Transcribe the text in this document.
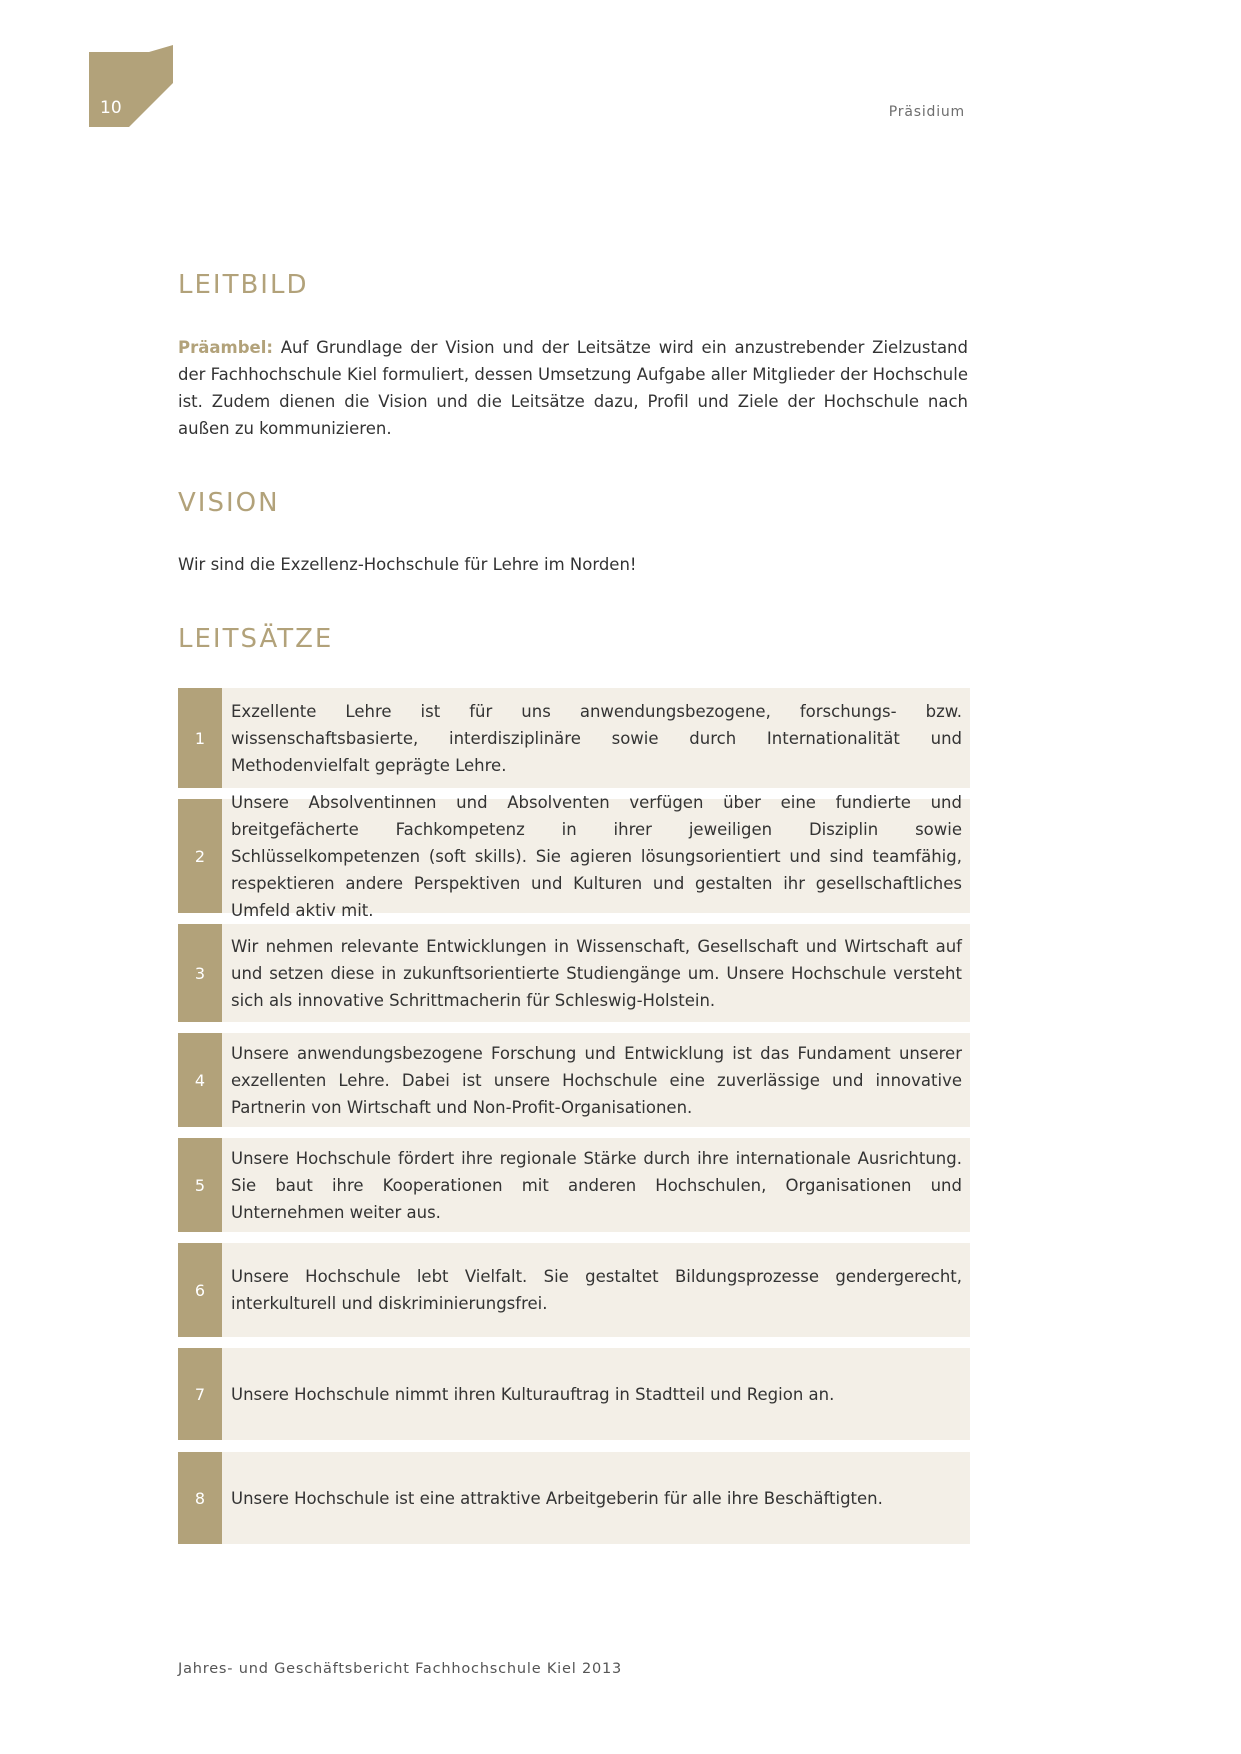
10	Präsidium
LEITBILD

Präambel: Auf Grundlage der Vision und der Leitsätze wird ein anzustrebender Zielzustand der Fachhochschule Kiel formuliert, dessen Umsetzung Aufgabe aller Mitglieder der Hochschule ist. Zudem dienen die Vision und die Leitsätze dazu, Profil und Ziele der Hochschule nach außen zu kommunizieren.

VISION

Wir sind die Exzellenz-Hochschule für Lehre im Norden!

LEITSÄTZE
1
Exzellente Lehre ist für uns anwendungsbezogene, forschungs- bzw. wissenschaftsbasierte, interdisziplinäre sowie durch Internationalität und Methodenvielfalt geprägte Lehre.
2
Unsere Absolventinnen und Absolventen verfügen über eine fundierte und breitgefächerte Fachkompetenz in ihrer jeweiligen Disziplin sowie Schlüsselkompetenzen (soft skills). Sie agieren lösungsorientiert und sind teamfähig, respektieren andere Perspektiven und Kulturen und gestalten ihr gesellschaftliches Umfeld aktiv mit.
3
Wir nehmen relevante Entwicklungen in Wissenschaft, Gesellschaft und Wirtschaft auf und setzen diese in zukunftsorientierte Studiengänge um. Unsere Hochschule versteht sich als innovative Schrittmacherin für Schleswig-Holstein.
4
Unsere anwendungsbezogene Forschung und Entwicklung ist das Fundament unserer exzellenten Lehre. Dabei ist unsere Hochschule eine zuverlässige und innovative Partnerin von Wirtschaft und Non-Profit-Organisationen.
5
Unsere Hochschule fördert ihre regionale Stärke durch ihre internationale Ausrichtung. Sie baut ihre Kooperationen mit anderen Hochschulen, Organisationen und Unternehmen weiter aus.
6
Unsere Hochschule lebt Vielfalt. Sie gestaltet Bildungsprozesse gendergerecht, interkulturell und diskriminierungsfrei.
7	Unsere Hochschule nimmt ihren Kulturauftrag in Stadtteil und Region an.
8	Unsere Hochschule ist eine attraktive Arbeitgeberin für alle ihre Beschäftigten.
Jahres- und Geschäftsbericht Fachhochschule Kiel 2013
